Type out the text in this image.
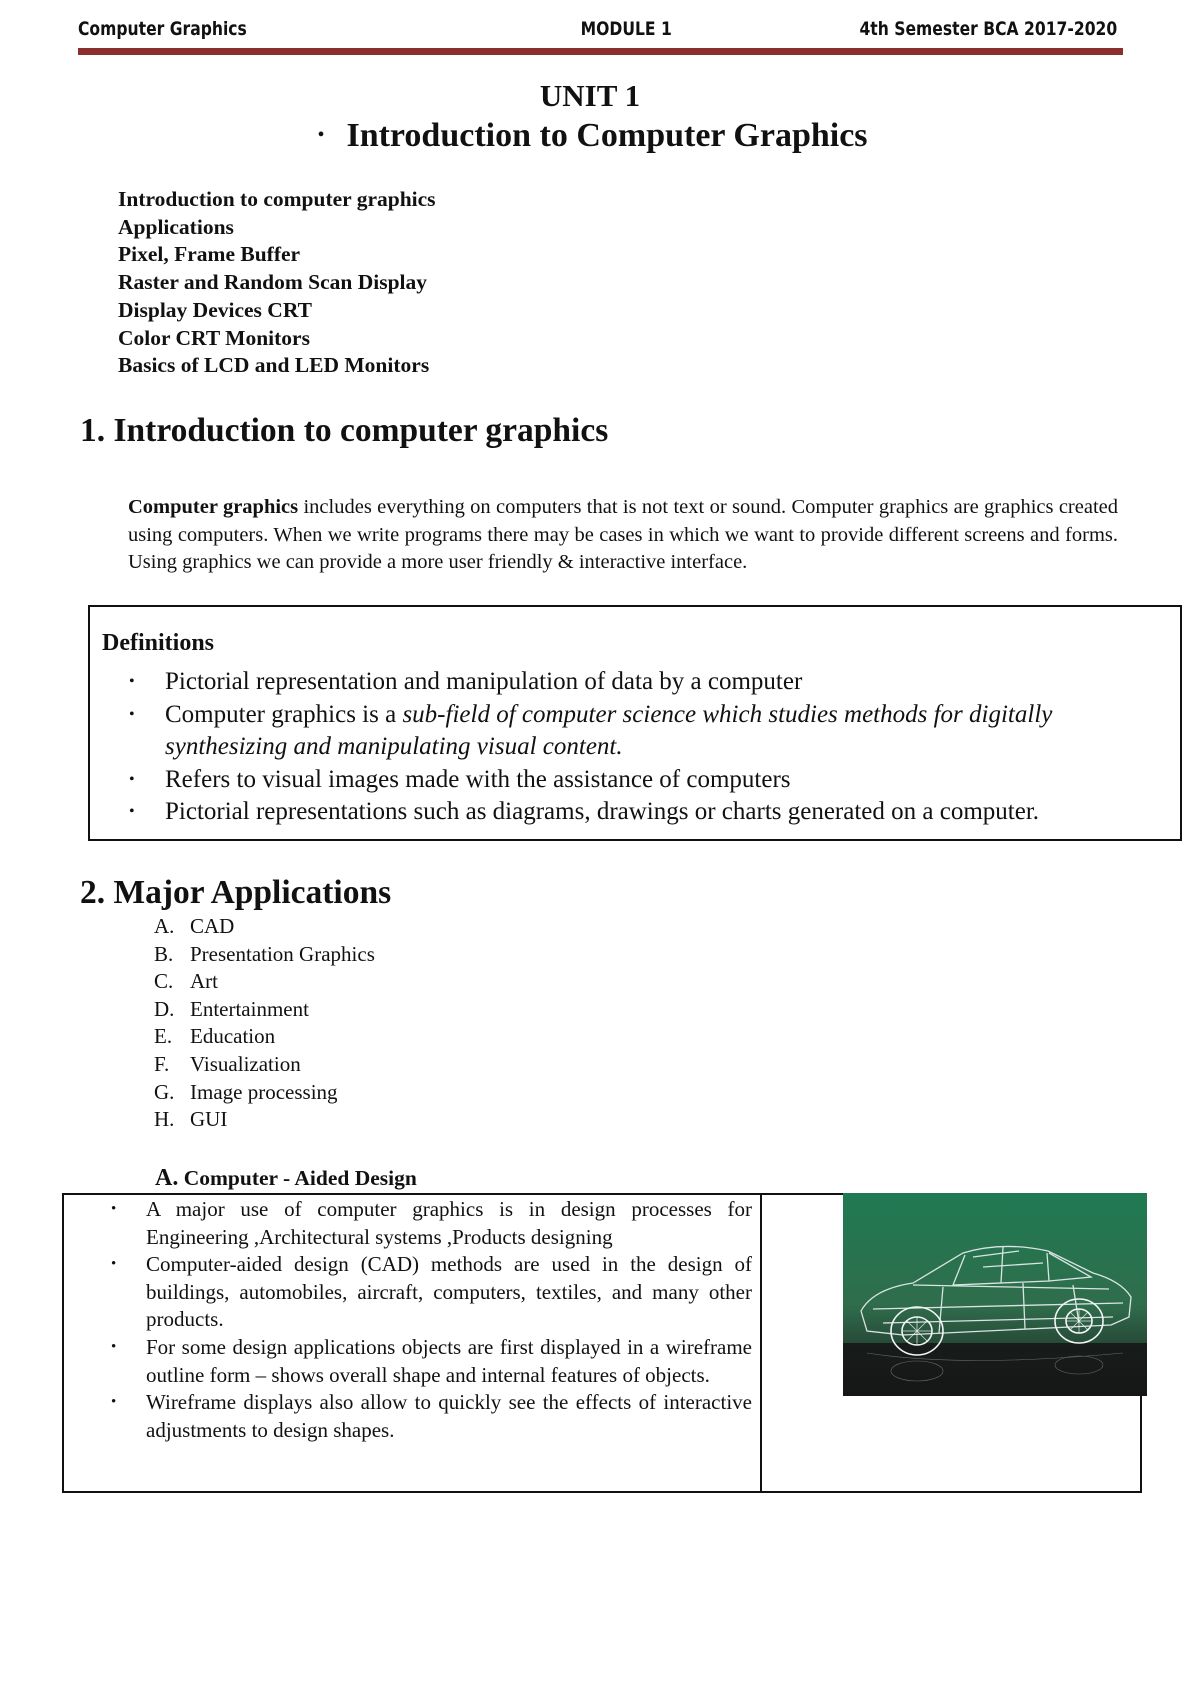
Computer Graphics	MODULE 1	4th Semester BCA 2017-2020
UNIT 1
• Introduction to Computer Graphics
Introduction to computer graphics
Applications
Pixel, Frame Buffer
Raster and Random Scan Display
Display Devices CRT
Color CRT Monitors
Basics of LCD and LED Monitors
1. Introduction to computer graphics
Computer graphics includes everything on computers that is not text or sound. Computer graphics are graphics created using computers. When we write programs there may be cases in which we want to provide different screens and forms. Using graphics we can provide a more user friendly & interactive interface.
Definitions
• Pictorial representation and manipulation of data by a computer
• Computer graphics is a sub-field of computer science which studies methods for digitally synthesizing and manipulating visual content.
• Refers to visual images made with the assistance of computers
• Pictorial representations such as diagrams, drawings or charts generated on a computer.
2. Major Applications
A. CAD
B. Presentation Graphics
C. Art
D. Entertainment
E. Education
F. Visualization
G. Image processing
H. GUI
A. Computer - Aided Design
• A major use of computer graphics is in design processes for Engineering ,Architectural systems ,Products designing
• Computer-aided design (CAD) methods are used in the design of buildings, automobiles, aircraft, computers, textiles, and many other products.
• For some design applications objects are first displayed in a wireframe outline form – shows overall shape and internal features of objects.
• Wireframe displays also allow to quickly see the effects of interactive adjustments to design shapes.
